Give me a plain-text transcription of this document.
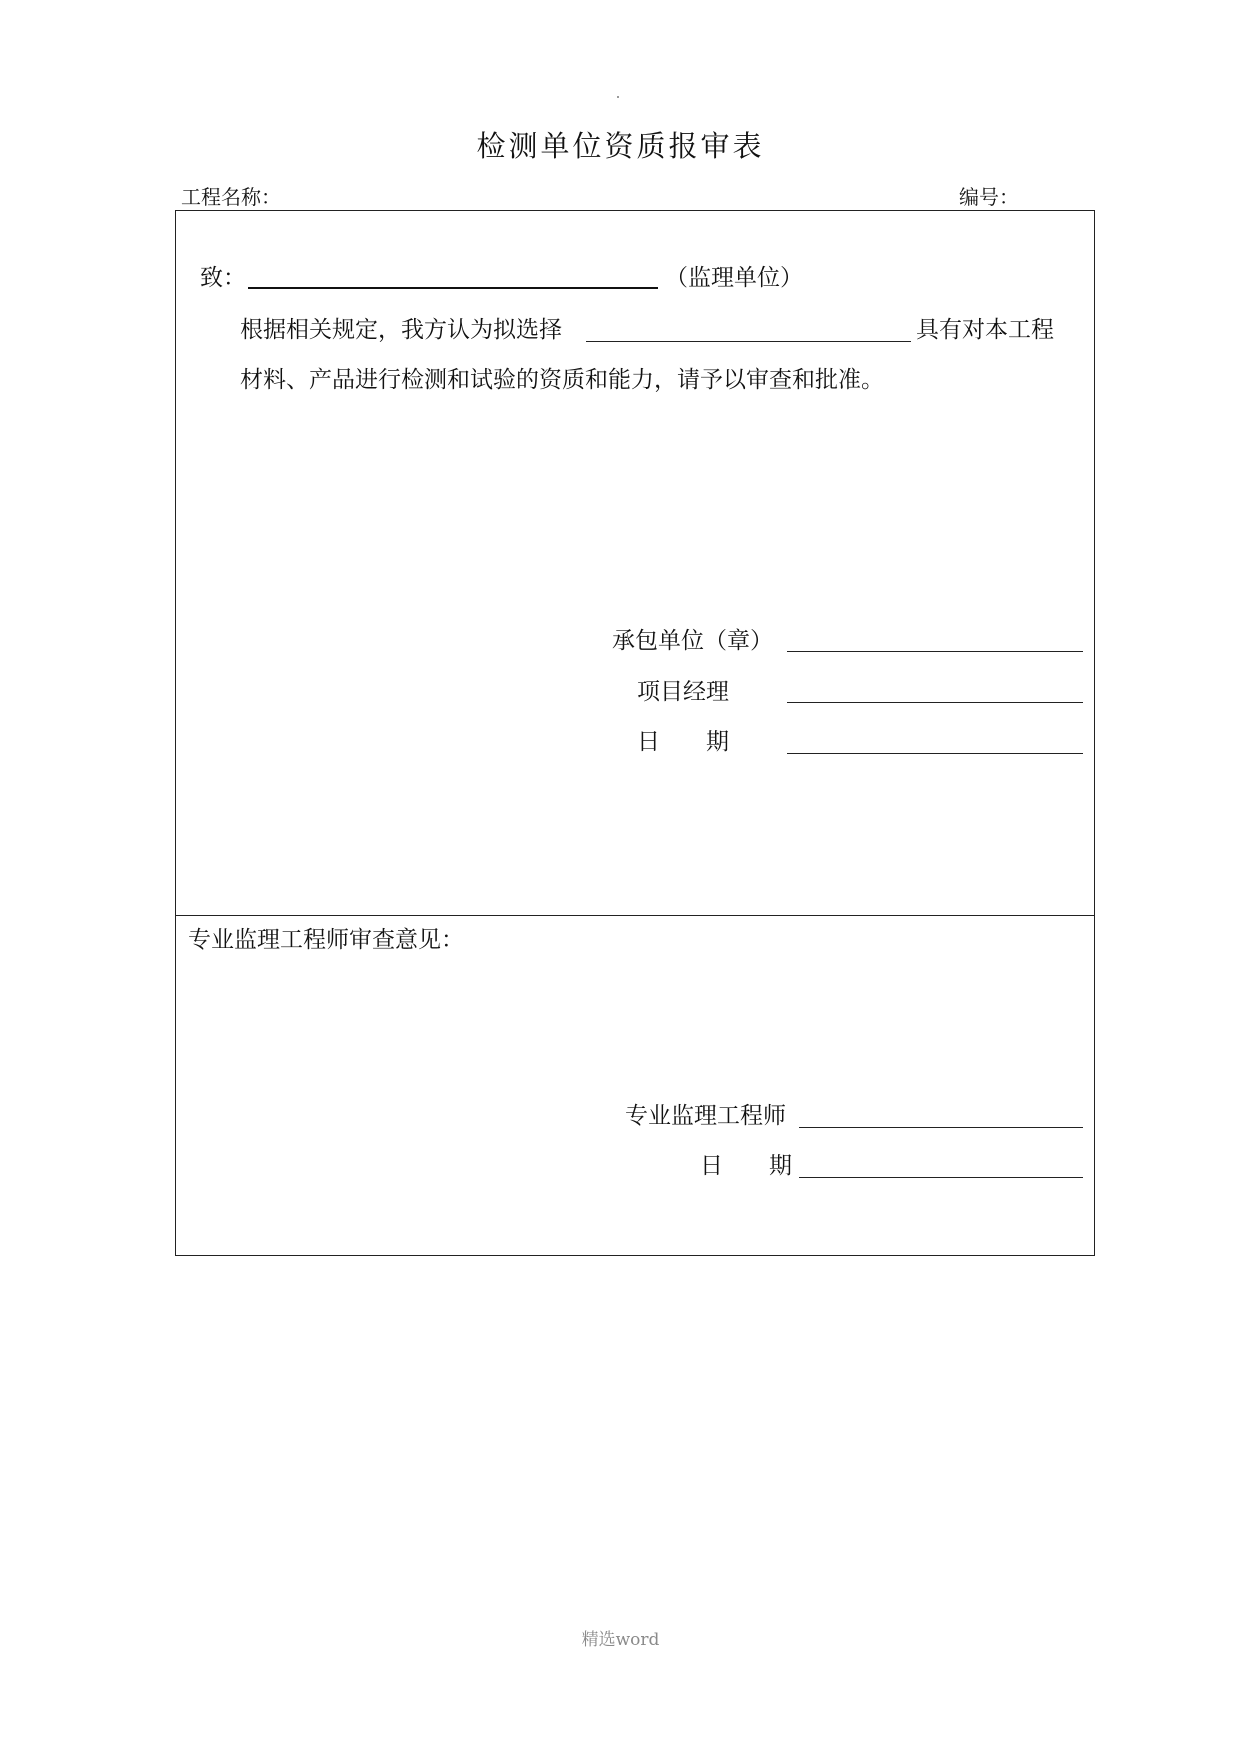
检测单位资质报审表
工程名称：	编号：
致：	（监理单位）
根据相关规定，我方认为拟选择	具有对本工程
材料、产品进行检测和试验的资质和能力，请予以审查和批准。
承包单位（章）
项目经理
日　　期
专业监理工程师审查意见：
专业监理工程师
日　　期
精选word
